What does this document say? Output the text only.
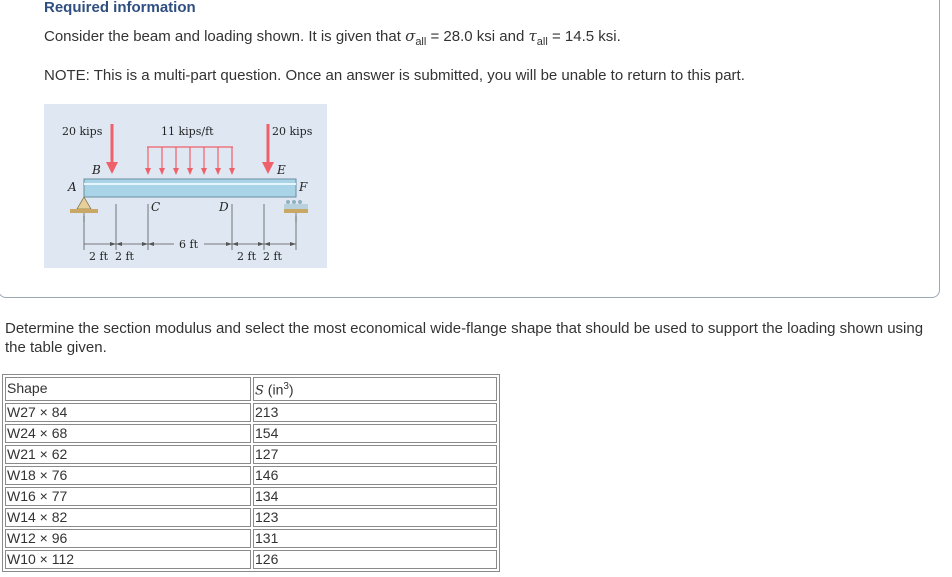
Required information
Consider the beam and loading shown. It is given that $\sigma_{all} = 28.0$ ksi and $\tau_{all} = 14.5$ ksi.
NOTE: This is a multi-part question. Once an answer is submitted, you will be unable to return to this part.
20 kips	11 kips/ft	20 kips
A
B
C	D
E
F
2 ft  2 ft
6 ft
2 ft  2 ft
Determine the section modulus and select the most economical wide-flange shape that should be used to support the loading shown using the table given.
Shape	S $(in^3)$
W27 × 84	213
W24 × 68	154
W21 × 62	127
W18 × 76	146
W16 × 77	134
W14 × 82	123
W12 × 96	131
W10 × 112	126
